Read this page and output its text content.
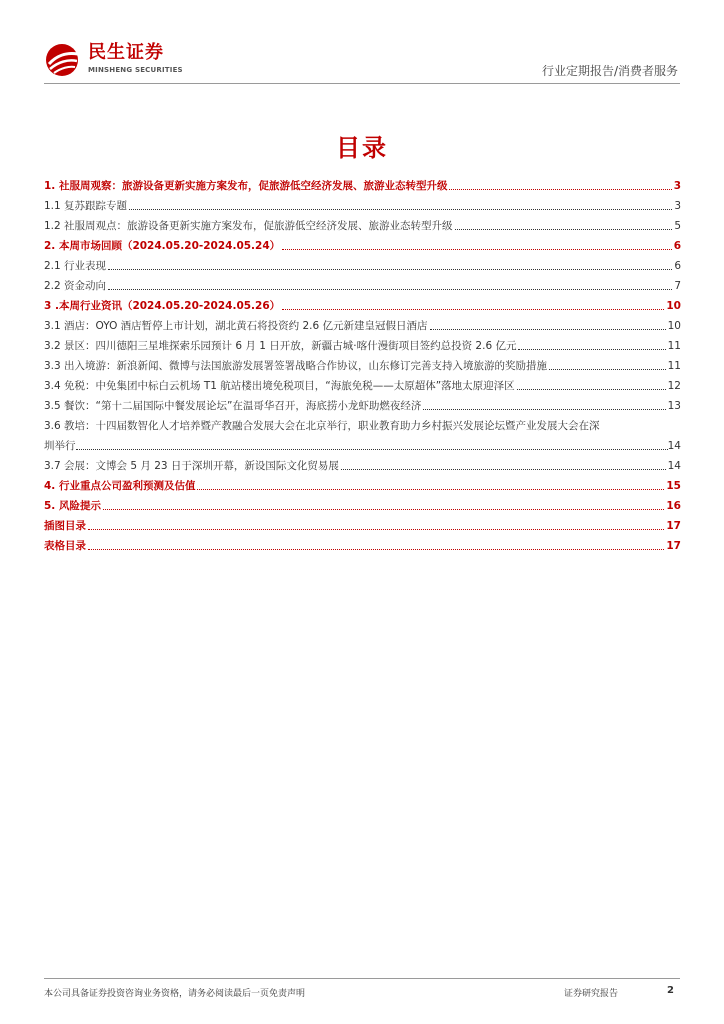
民生证券
MINSHENG SECURITIES	行业定期报告/消费者服务
目录
1. 社服周观察：旅游设备更新实施方案发布，促旅游低空经济发展、旅游业态转型升级	3
1.1 复苏跟踪专题	3
1.2 社服周观点：旅游设备更新实施方案发布，促旅游低空经济发展、旅游业态转型升级	5
2. 本周市场回顾（2024.05.20-2024.05.24）	6
2.1 行业表现	6
2.2 资金动向	7
3 .本周行业资讯（2024.05.20-2024.05.26）	10
3.1 酒店：OYO 酒店暂停上市计划，湖北黄石将投资约 2.6 亿元新建皇冠假日酒店	10
3.2 景区：四川德阳三星堆探索乐园预计 6 月 1 日开放，新疆古城·喀什漫街项目签约总投资 2.6 亿元	11
3.3 出入境游：新浪新闻、微博与法国旅游发展署签署战略合作协议，山东修订完善支持入境旅游的奖励措施	11
3.4 免税：中免集团中标白云机场 T1 航站楼出境免税项目，“海旅免税——太原超体”落地太原迎泽区	12
3.5 餐饮：“第十二届国际中餐发展论坛”在温哥华召开，海底捞小龙虾助燃夜经济	13
3.6 教培：十四届数智化人才培养暨产教融合发展大会在北京举行，职业教育助力乡村振兴发展论坛暨产业发展大会在深
圳举行	14
3.7 会展：文博会 5 月 23 日于深圳开幕，新设国际文化贸易展	14
4. 行业重点公司盈利预测及估值	15
5. 风险提示	16
插图目录	17
表格目录	17
本公司具备证券投资咨询业务资格，请务必阅读最后一页免责声明	证券研究报告	2
